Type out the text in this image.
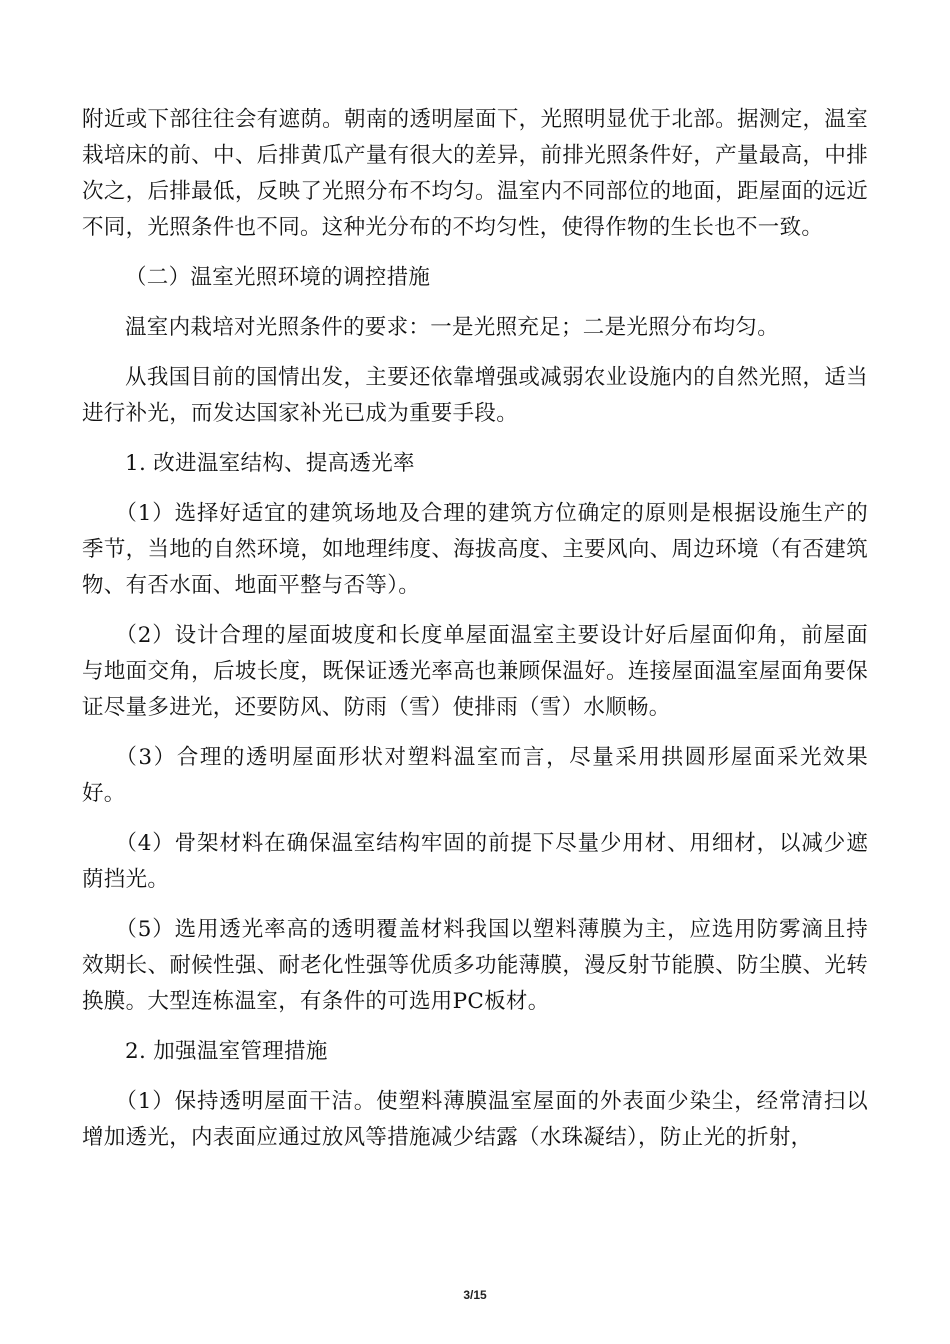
附近或下部往往会有遮荫。朝南的透明屋面下，光照明显优于北部。据测定，温室栽培床的前、中、后排黄瓜产量有很大的差异，前排光照条件好，产量最高，中排次之，后排最低，反映了光照分布不均匀。温室内不同部位的地面，距屋面的远近不同，光照条件也不同。这种光分布的不均匀性，使得作物的生长也不一致。

（二）温室光照环境的调控措施

温室内栽培对光照条件的要求：一是光照充足；二是光照分布均匀。

从我国目前的国情出发，主要还依靠增强或减弱农业设施内的自然光照，适当进行补光，而发达国家补光已成为重要手段。

1. 改进温室结构、提高透光率

（1）选择好适宜的建筑场地及合理的建筑方位确定的原则是根据设施生产的季节，当地的自然环境，如地理纬度、海拔高度、主要风向、周边环境（有否建筑物、有否水面、地面平整与否等）。

（2）设计合理的屋面坡度和长度单屋面温室主要设计好后屋面仰角，前屋面与地面交角，后坡长度，既保证透光率高也兼顾保温好。连接屋面温室屋面角要保证尽量多进光，还要防风、防雨（雪）使排雨（雪）水顺畅。

（3）合理的透明屋面形状对塑料温室而言，尽量采用拱圆形屋面采光效果好。

（4）骨架材料在确保温室结构牢固的前提下尽量少用材、用细材，以减少遮荫挡光。

（5）选用透光率高的透明覆盖材料我国以塑料薄膜为主，应选用防雾滴且持效期长、耐候性强、耐老化性强等优质多功能薄膜，漫反射节能膜、防尘膜、光转换膜。大型连栋温室，有条件的可选用PC板材。

2. 加强温室管理措施

（1）保持透明屋面干洁。使塑料薄膜温室屋面的外表面少染尘，经常清扫以增加透光，内表面应通过放风等措施减少结露（水珠凝结），防止光的折射，

3/15
